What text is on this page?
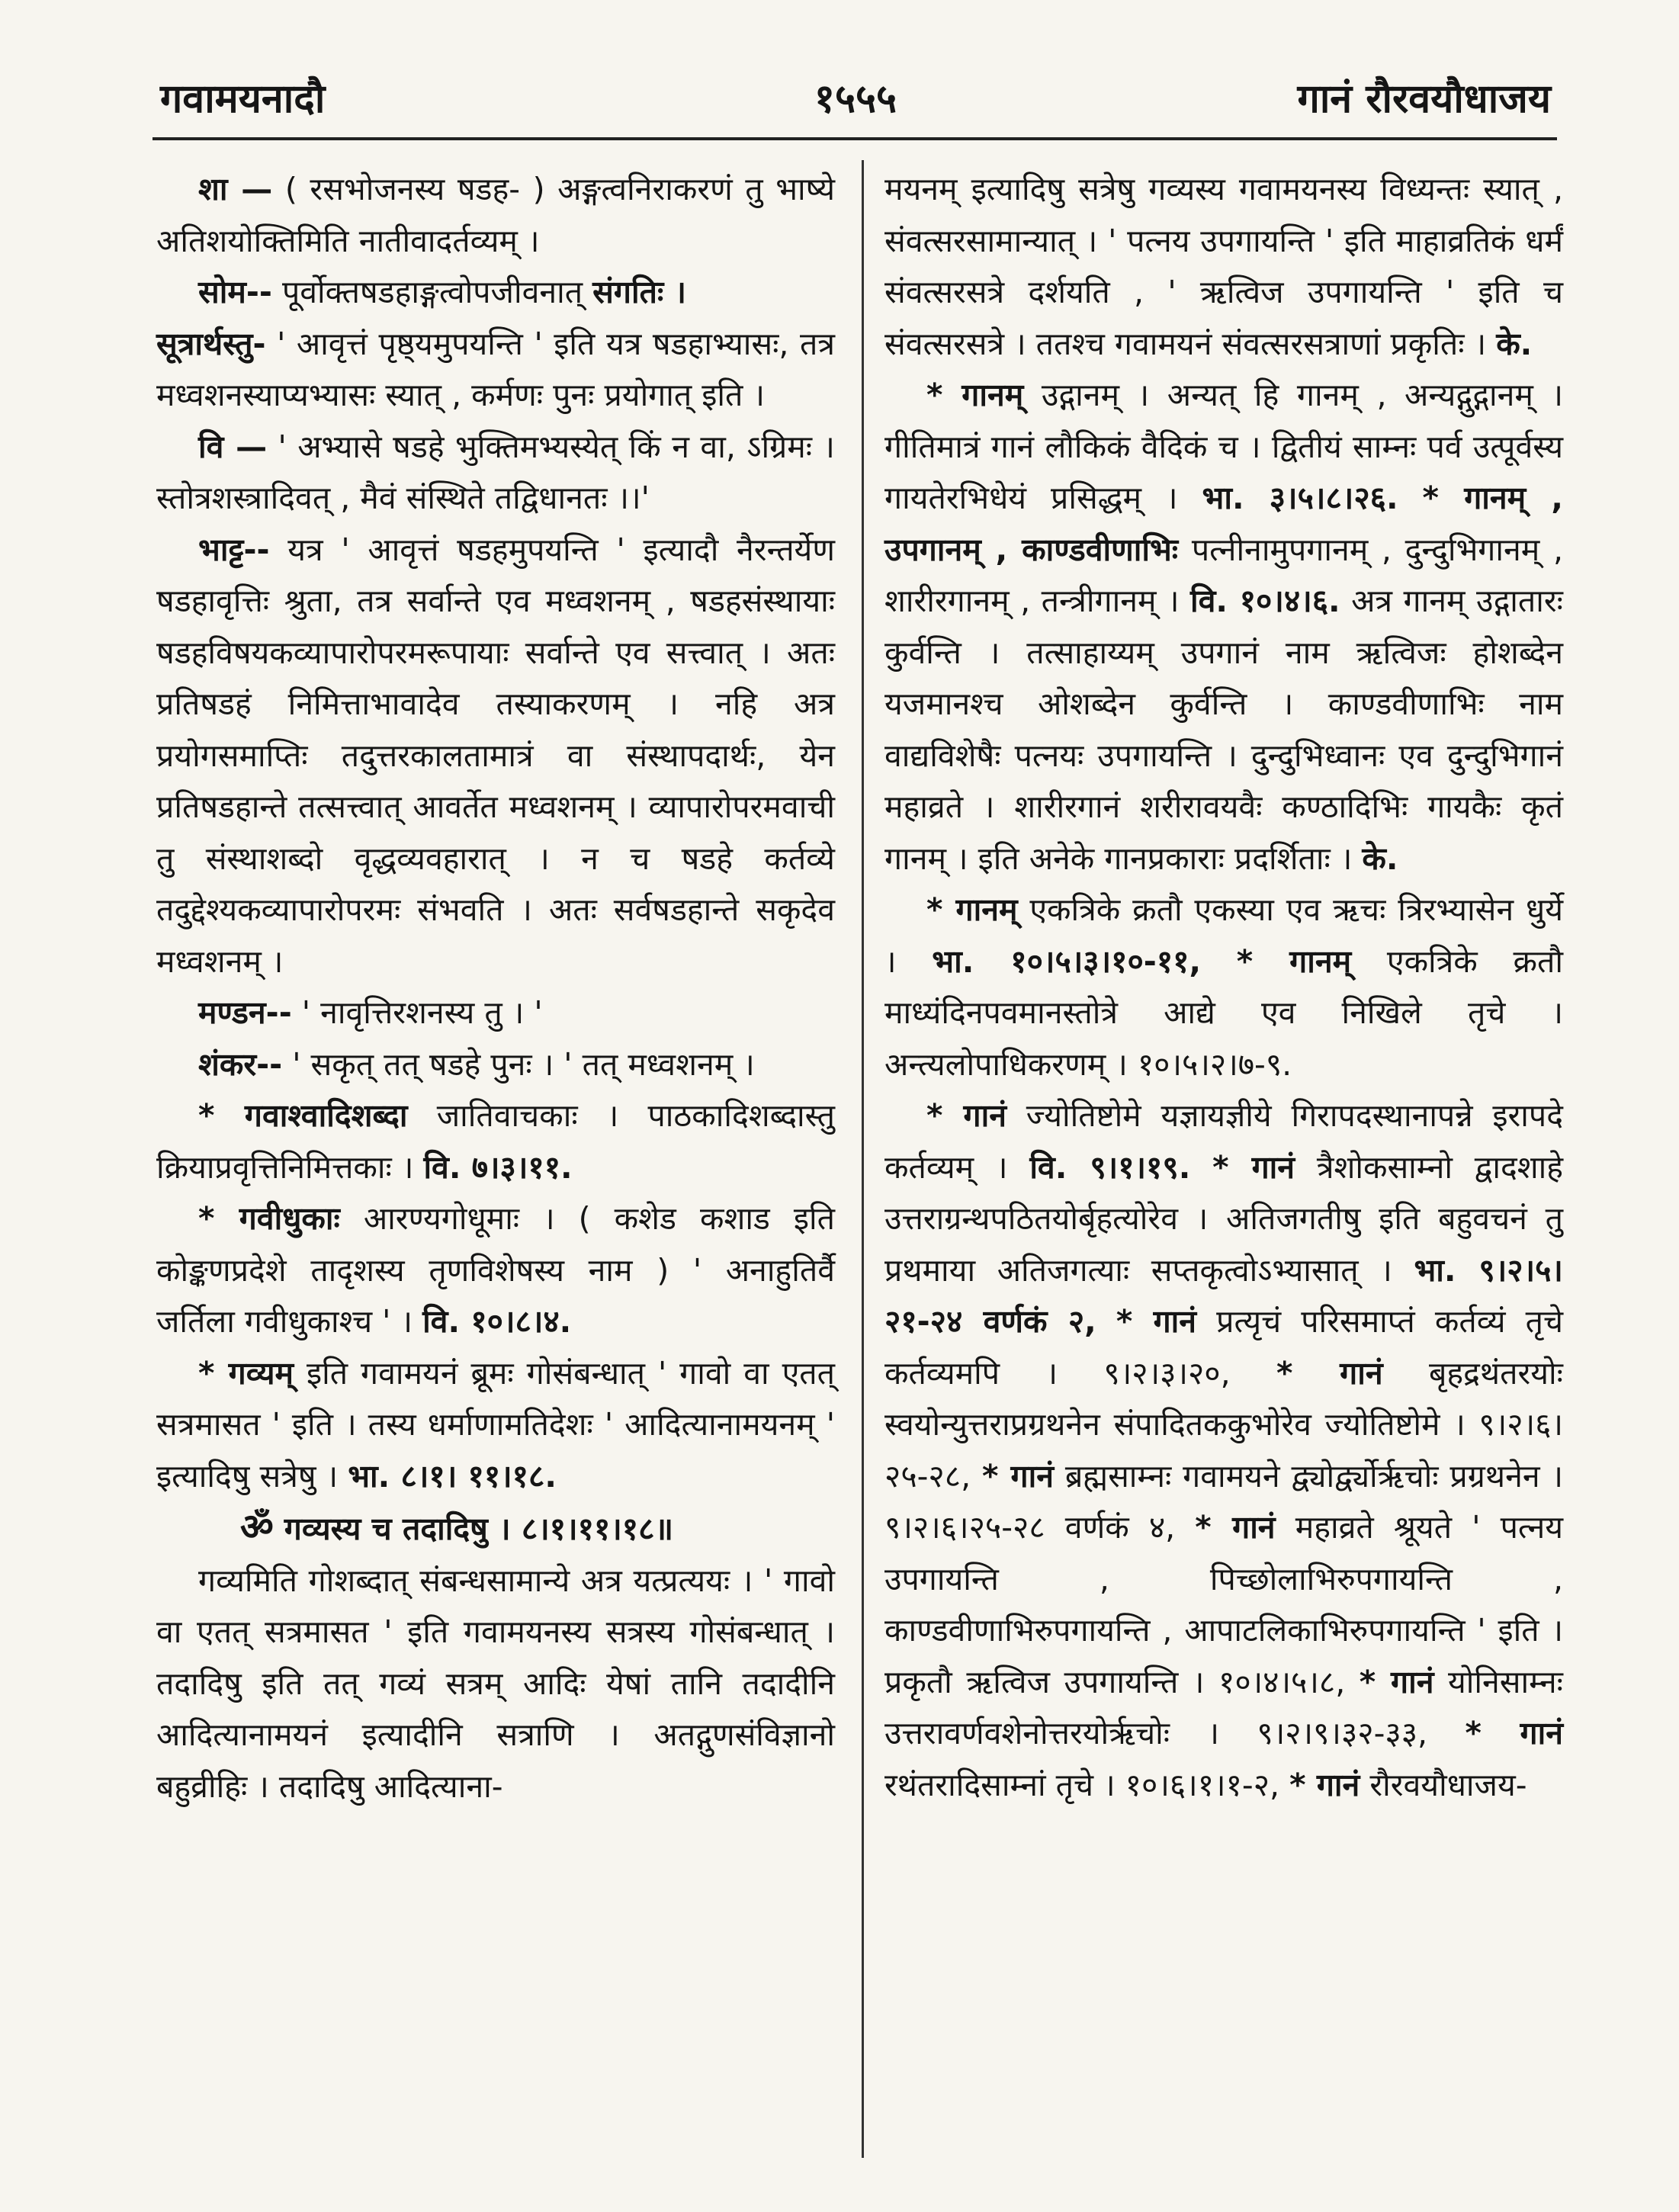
गवामयनादौ	१५५५	गानं रौरवयौधाजय

शा — ( रसभोजनस्य षडह- ) अङ्गत्वनिराकरणं तु भाष्ये अतिशयोक्तिमिति नातीवादर्तव्यम् ।

सोम-- पूर्वोक्तषडहाङ्गत्वोपजीवनात् संगतिः ।

सूत्रार्थस्तु- ' आवृत्तं पृष्ठ्यमुपयन्ति ' इति यत्र षडहाभ्यासः, तत्र मध्वशनस्याप्यभ्यासः स्यात् , कर्मणः पुनः प्रयोगात् इति ।

वि — ' अभ्यासे षडहे भुक्तिमभ्यस्येत् किं न वा, ऽग्रिमः । स्तोत्रशस्त्रादिवत् , मैवं संस्थिते तद्विधानतः ।।'

भाट्ट-- यत्र ' आवृत्तं षडहमुपयन्ति ' इत्यादौ नैरन्तर्येण षडहावृत्तिः श्रुता, तत्र सर्वान्ते एव मध्वशनम् , षडहसंस्थायाः षडहविषयकव्यापारोपरमरूपायाः सर्वान्ते एव सत्त्वात् । अतः प्रतिषडहं निमित्ताभावादेव तस्याकरणम् । नहि अत्र प्रयोगसमाप्तिः तदुत्तरकालतामात्रं वा संस्थापदार्थः, येन प्रतिषडहान्ते तत्सत्त्वात् आवर्तेत मध्वशनम् । व्यापारोपरमवाची तु संस्थाशब्दो वृद्धव्यवहारात् । न च षडहे कर्तव्ये तदुद्देश्यकव्यापारोपरमः संभवति । अतः सर्वषडहान्ते सकृदेव मध्वशनम् ।

मण्डन-- ' नावृत्तिरशनस्य तु । '

शंकर-- ' सकृत् तत् षडहे पुनः । ' तत् मध्वशनम् ।

* गवाश्वादिशब्दा जातिवाचकाः । पाठकादिशब्दास्तु क्रियाप्रवृत्तिनिमित्तकाः । वि. ७।३।११.

* गवीधुकाः आरण्यगोधूमाः । ( कशेड कशाड इति कोङ्कणप्रदेशे तादृशस्य तृणविशेषस्य नाम ) ' अनाहुतिर्वै जर्तिला गवीधुकाश्च ' । वि. १०।८।४.

* गव्यम् इति गवामयनं ब्रूमः गोसंबन्धात् ' गावो वा एतत् सत्रमासत ' इति । तस्य धर्माणामतिदेशः ' आदित्यानामयनम् ' इत्यादिषु सत्रेषु । भा. ८।१। ११।१८.

ॐ गव्यस्य च तदादिषु । ८।१।११।१८॥

गव्यमिति गोशब्दात् संबन्धसामान्ये अत्र यत्प्रत्ययः । ' गावो वा एतत् सत्रमासत ' इति गवामयनस्य सत्रस्य गोसंबन्धात् । तदादिषु इति तत् गव्यं सत्रम् आदिः येषां तानि तदादीनि आदित्यानामयनं इत्यादीनि सत्राणि । अतद्गुणसंविज्ञानो बहुव्रीहिः । तदादिषु आदित्याना-

मयनम् इत्यादिषु सत्रेषु गव्यस्य गवामयनस्य विध्यन्तः स्यात् , संवत्सरसामान्यात् । ' पत्नय उपगायन्ति ' इति माहाव्रतिकं धर्मं संवत्सरसत्रे दर्शयति , ' ऋत्विज उपगायन्ति ' इति च संवत्सरसत्रे । ततश्च गवामयनं संवत्सरसत्राणां प्रकृतिः । के.

* गानम् उद्गानम् । अन्यत् हि गानम् , अन्यद्गुद्गानम् । गीतिमात्रं गानं लौकिकं वैदिकं च । द्वितीयं साम्नः पर्व उत्पूर्वस्य गायतेरभिधेयं प्रसिद्धम् । भा. ३।५।८।२६. * गानम् , उपगानम् , काण्डवीणाभिः पत्नीनामुपगानम् , दुन्दुभिगानम् , शारीरगानम् , तन्त्रीगानम् । वि. १०।४।६. अत्र गानम् उद्गातारः कुर्वन्ति । तत्साहाय्यम् उपगानं नाम ऋत्विजः होशब्देन यजमानश्च ओशब्देन कुर्वन्ति । काण्डवीणाभिः नाम वाद्यविशेषैः पत्नयः उपगायन्ति । दुन्दुभिध्वानः एव दुन्दुभिगानं महाव्रते । शारीरगानं शरीरावयवैः कण्ठादिभिः गायकैः कृतं गानम् । इति अनेके गानप्रकाराः प्रदर्शिताः । के.

* गानम् एकत्रिके क्रतौ एकस्या एव ऋचः त्रिरभ्यासेन धुर्ये । भा. १०।५।३।१०-११, * गानम् एकत्रिके क्रतौ माध्यंदिनपवमानस्तोत्रे आद्ये एव निखिले तृचे । अन्त्यलोपाधिकरणम् । १०।५।२।७-९.

* गानं ज्योतिष्टोमे यज्ञायज्ञीये गिरापदस्थानापन्ने इरापदे कर्तव्यम् । वि. ९।१।१९. * गानं त्रैशोकसाम्नो द्वादशाहे उत्तराग्रन्थपठितयोर्बृहत्योरेव । अतिजगतीषु इति बहुवचनं तु प्रथमाया अतिजगत्याः सप्तकृत्वोऽभ्यासात् । भा. ९।२।५।२१-२४ वर्णकं २, * गानं प्रत्यृचं परिसमाप्तं कर्तव्यं तृचे कर्तव्यमपि । ९।२।३।२०, * गानं बृहद्रथंतरयोः स्वयोन्युत्तराप्रग्रथनेन संपादितककुभोरेव ज्योतिष्टोमे । ९।२।६।२५-२८, * गानं ब्रह्मसाम्नः गवामयने द्व्योर्द्व्योर्ऋचोः प्रग्रथनेन । ९।२।६।२५-२८ वर्णकं ४, * गानं महाव्रते श्रूयते ' पत्नय उपगायन्ति , पिच्छोलाभिरुपगायन्ति , काण्डवीणाभिरुपगायन्ति , आपाटलिकाभिरुपगायन्ति ' इति । प्रकृतौ ऋत्विज उपगायन्ति । १०।४।५।८, * गानं योनिसाम्नः उत्तरावर्णवशेनोत्तरयोर्ऋचोः । ९।२।९।३२-३३, * गानं रथंतरादिसाम्नां तृचे । १०।६।१।१-२, * गानं रौरवयौधाजय-
